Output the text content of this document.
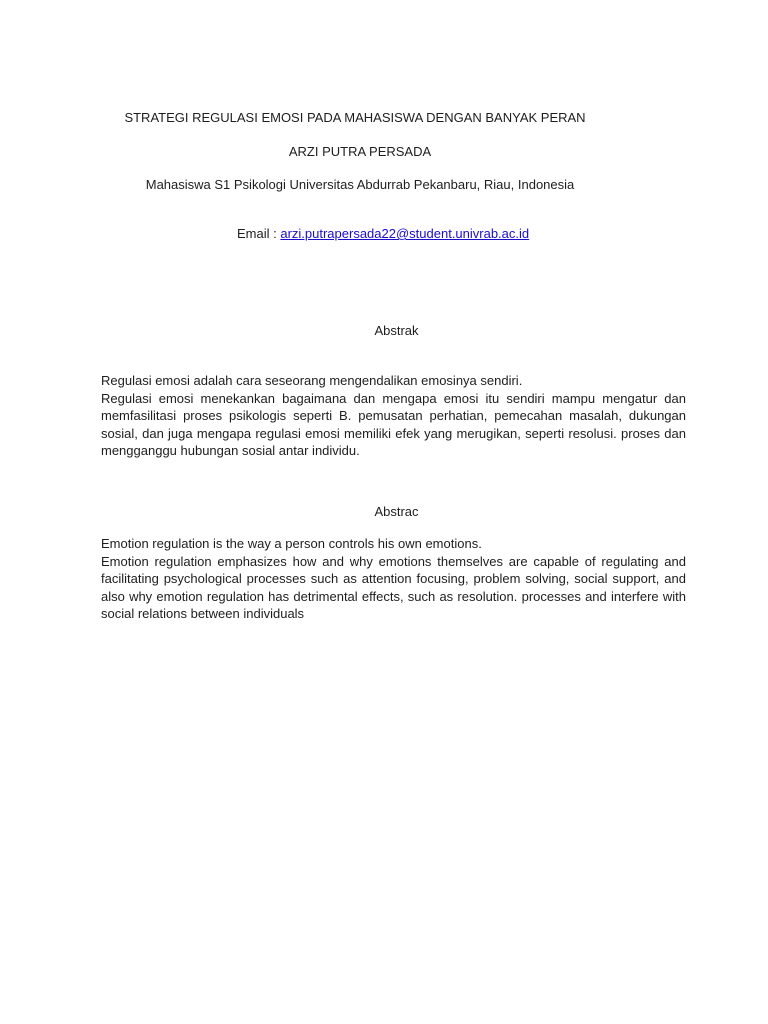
STRATEGI REGULASI EMOSI PADA MAHASISWA DENGAN BANYAK PERAN
ARZI PUTRA PERSADA
Mahasiswa S1 Psikologi Universitas Abdurrab Pekanbaru, Riau, Indonesia
Email : arzi.putrapersada22@student.univrab.ac.id
Abstrak
Regulasi emosi adalah cara seseorang mengendalikan emosinya sendiri.
Regulasi emosi menekankan bagaimana dan mengapa emosi itu sendiri mampu mengatur dan memfasilitasi proses psikologis seperti B. pemusatan perhatian, pemecahan masalah, dukungan sosial, dan juga mengapa regulasi emosi memiliki efek yang merugikan, seperti resolusi. proses dan mengganggu hubungan sosial antar individu.
Abstrac
Emotion regulation is the way a person controls his own emotions.
Emotion regulation emphasizes how and why emotions themselves are capable of regulating and facilitating psychological processes such as attention focusing, problem solving, social support, and also why emotion regulation has detrimental effects, such as resolution. processes and interfere with social relations between individuals
